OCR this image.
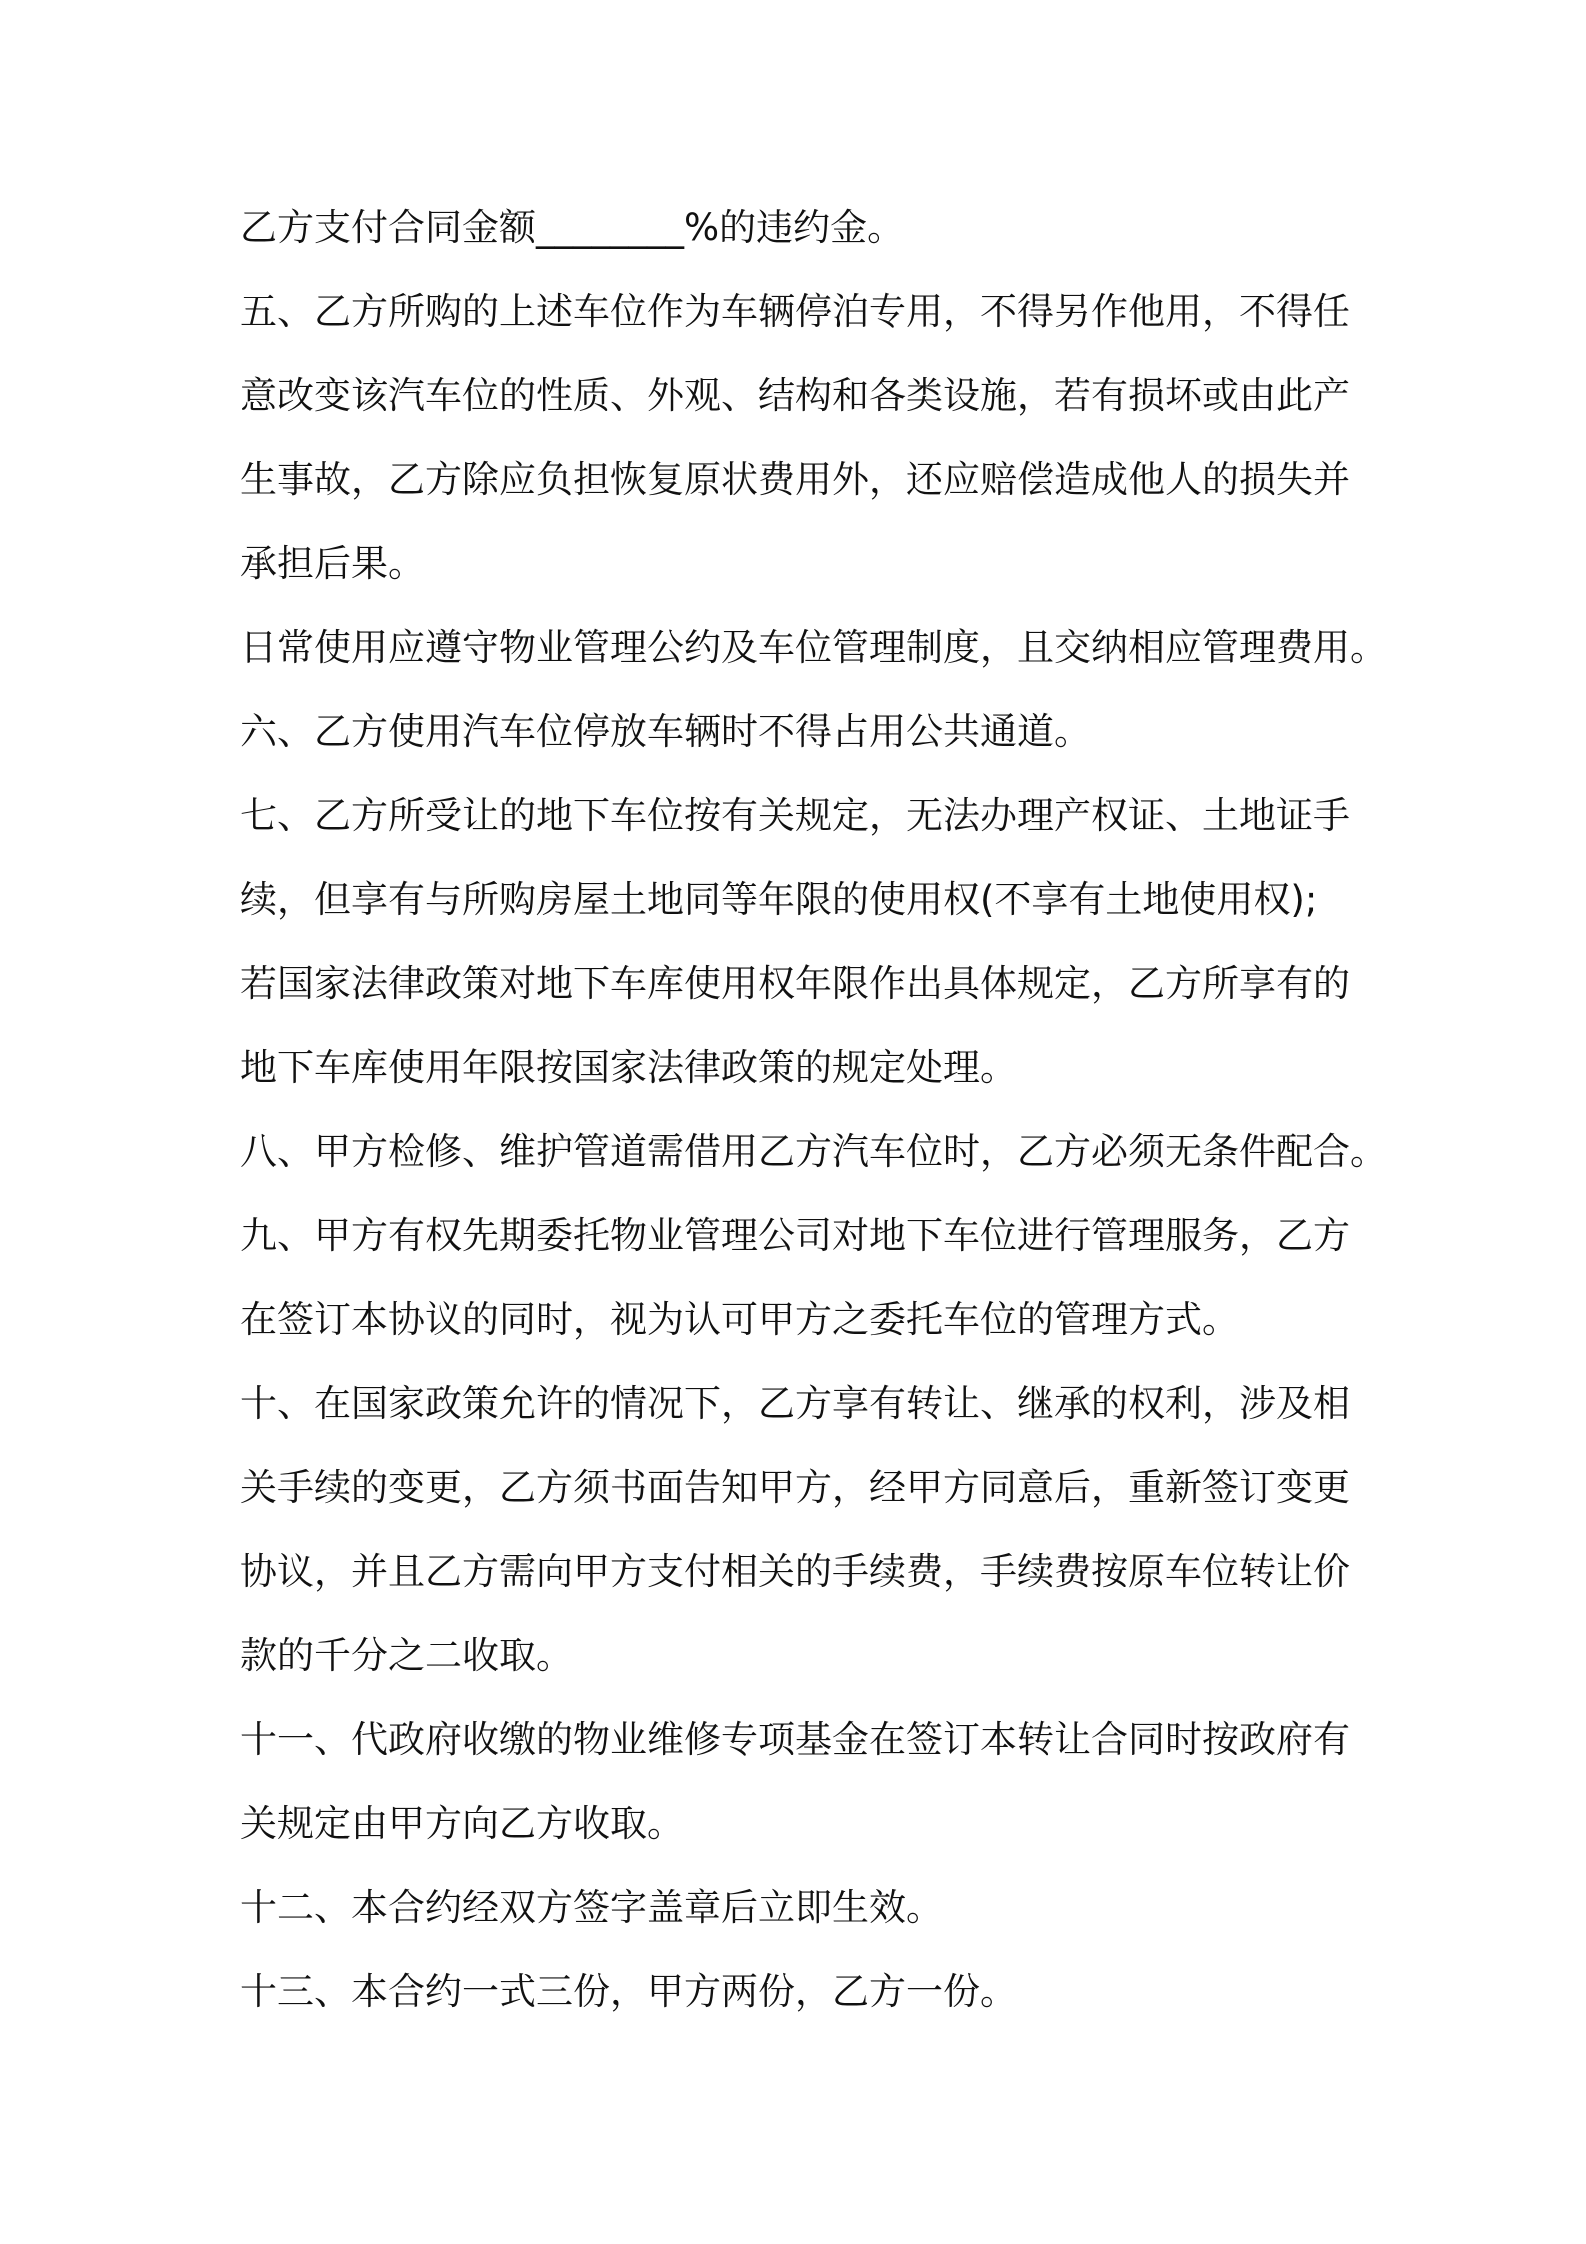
乙方支付合同金额________%的违约金。

五、乙方所购的上述车位作为车辆停泊专用，不得另作他用，不得任

意改变该汽车位的性质、外观、结构和各类设施，若有损坏或由此产

生事故，乙方除应负担恢复原状费用外，还应赔偿造成他人的损失并

承担后果。

日常使用应遵守物业管理公约及车位管理制度，且交纳相应管理费用。

六、乙方使用汽车位停放车辆时不得占用公共通道。

七、乙方所受让的地下车位按有关规定，无法办理产权证、土地证手

续，但享有与所购房屋土地同等年限的使用权(不享有土地使用权);

若国家法律政策对地下车库使用权年限作出具体规定，乙方所享有的

地下车库使用年限按国家法律政策的规定处理。

八、甲方检修、维护管道需借用乙方汽车位时，乙方必须无条件配合。

九、甲方有权先期委托物业管理公司对地下车位进行管理服务，乙方

在签订本协议的同时，视为认可甲方之委托车位的管理方式。

十、在国家政策允许的情况下，乙方享有转让、继承的权利，涉及相

关手续的变更，乙方须书面告知甲方，经甲方同意后，重新签订变更

协议，并且乙方需向甲方支付相关的手续费，手续费按原车位转让价

款的千分之二收取。

十一、代政府收缴的物业维修专项基金在签订本转让合同时按政府有

关规定由甲方向乙方收取。

十二、本合约经双方签字盖章后立即生效。

十三、本合约一式三份，甲方两份，乙方一份。
